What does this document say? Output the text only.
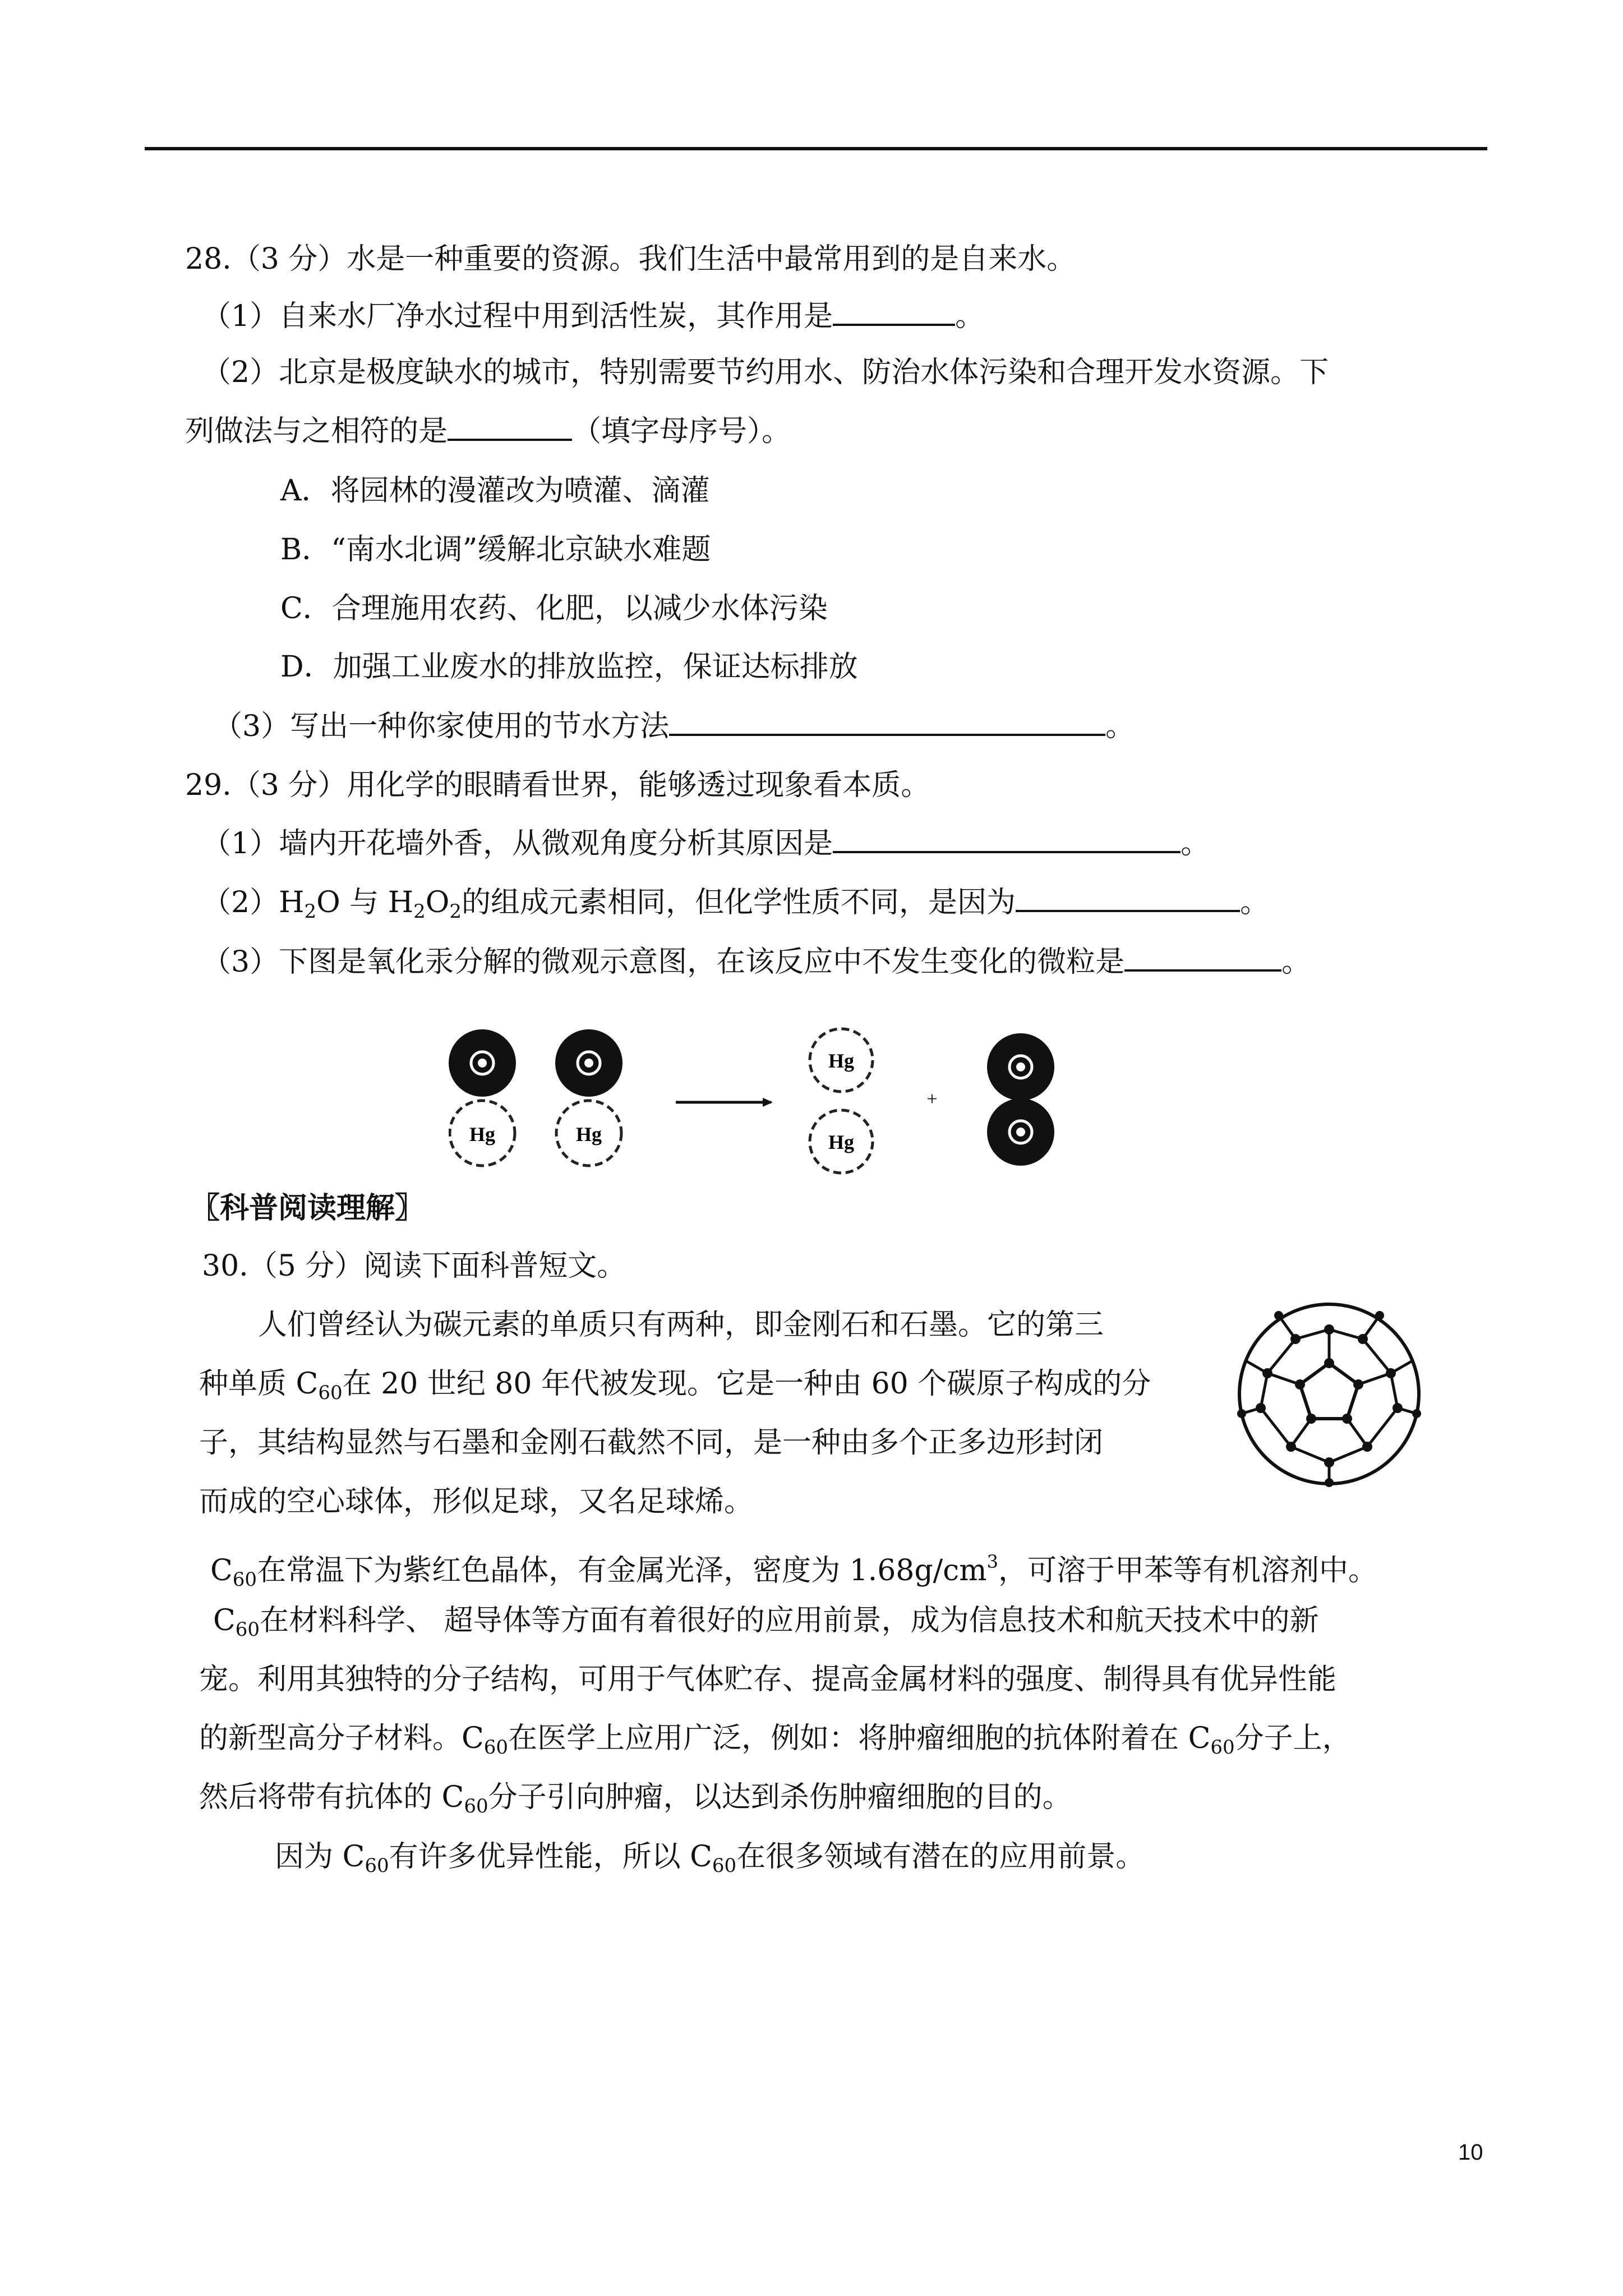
28.（3 分）水是一种重要的资源。我们生活中最常用到的是自来水。
（1）自来水厂净水过程中用到活性炭，其作用是	。
（2）北京是极度缺水的城市，特别需要节约用水、防治水体污染和合理开发水资源。下
列做法与之相符的是	（填字母序号）。
A．将园林的漫灌改为喷灌、滴灌
B．“南水北调”缓解北京缺水难题
C．合理施用农药、化肥，以减少水体污染
D．加强工业废水的排放监控，保证达标排放
（3）写出一种你家使用的节水方法	。
29.（3 分）用化学的眼睛看世界，能够透过现象看本质。
（1）墙内开花墙外香，从微观角度分析其原因是	。
$(2)H_2O$ 与 $H_2O_2$的组成元素相同，但化学性质不同，是因为	。
（3）下图是氧化汞分解的微观示意图，在该反应中不发生变化的微粒是	。
Hg	Hg
Hg
Hg
+
〖科普阅读理解〗
30.（5 分）阅读下面科普短文。
人们曾经认为碳元素的单质只有两种，即金刚石和石墨。它的第三
种单质 $C_{60}$在 20 世纪 80 年代被发现。它是一种由 60 个碳原子构成的分
子，其结构显然与石墨和金刚石截然不同，是一种由多个正多边形封闭
而成的空心球体，形似足球，又名足球烯。
$C_{60}$在常温下为紫红色晶体，有金属光泽，密度为 $1.68g/cm^3$，可溶于甲苯等有机溶剂中。
$C_{60}$在材料科学、 超导体等方面有着很好的应用前景，成为信息技术和航天技术中的新
宠。利用其独特的分子结构，可用于气体贮存、提高金属材料的强度、制得具有优异性能
的新型高分子材料。$C_{60}$在医学上应用广泛，例如：将肿瘤细胞的抗体附着在 $C_{60}$分子上，
然后将带有抗体的 $C_{60}$分子引向肿瘤，以达到杀伤肿瘤细胞的目的。
因为 $C_{60}$有许多优异性能，所以 $C_{60}$在很多领域有潜在的应用前景。
10
